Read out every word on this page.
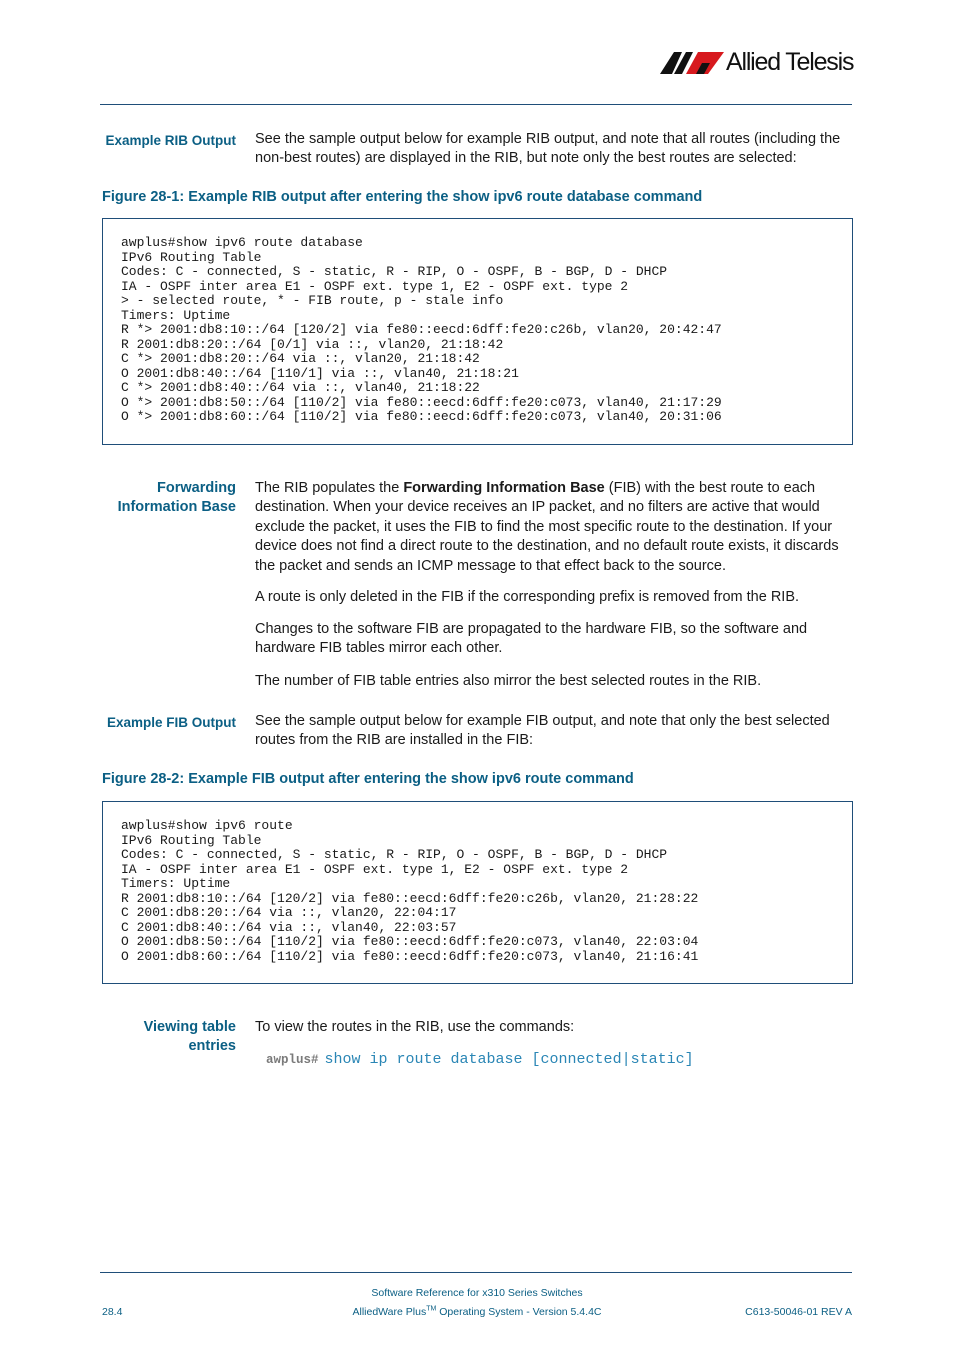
Allied Telesis
Example RIB Output See the sample output below for example RIB output, and note that all routes (including the non-best routes) are displayed in the RIB, but note only the best routes are selected:
Figure 28-1: Example RIB output after entering the show ipv6 route database command
awplus#show ipv6 route database
IPv6 Routing Table
Codes: C - connected, S - static, R - RIP, O - OSPF, B - BGP, D - DHCP
IA - OSPF inter area E1 - OSPF ext. type 1, E2 - OSPF ext. type 2
> - selected route, * - FIB route, p - stale info
Timers: Uptime
R *> 2001:db8:10::/64 [120/2] via fe80::eecd:6dff:fe20:c26b, vlan20, 20:42:47
R 2001:db8:20::/64 [0/1] via ::, vlan20, 21:18:42
C *> 2001:db8:20::/64 via ::, vlan20, 21:18:42
O 2001:db8:40::/64 [110/1] via ::, vlan40, 21:18:21
C *> 2001:db8:40::/64 via ::, vlan40, 21:18:22
O *> 2001:db8:50::/64 [110/2] via fe80::eecd:6dff:fe20:c073, vlan40, 21:17:29
O *> 2001:db8:60::/64 [110/2] via fe80::eecd:6dff:fe20:c073, vlan40, 20:31:06
Forwarding
Information Base
The RIB populates the Forwarding Information Base (FIB) with the best route to each destination. When your device receives an IP packet, and no filters are active that would exclude the packet, it uses the FIB to find the most specific route to the destination. If your device does not find a direct route to the destination, and no default route exists, it discards the packet and sends an ICMP message to that effect back to the source.
A route is only deleted in the FIB if the corresponding prefix is removed from the RIB.
Changes to the software FIB are propagated to the hardware FIB, so the software and hardware FIB tables mirror each other.
The number of FIB table entries also mirror the best selected routes in the RIB.
Example FIB Output See the sample output below for example FIB output, and note that only the best selected routes from the RIB are installed in the FIB:
Figure 28-2: Example FIB output after entering the show ipv6 route command
awplus#show ipv6 route
IPv6 Routing Table
Codes: C - connected, S - static, R - RIP, O - OSPF, B - BGP, D - DHCP
IA - OSPF inter area E1 - OSPF ext. type 1, E2 - OSPF ext. type 2
Timers: Uptime
R 2001:db8:10::/64 [120/2] via fe80::eecd:6dff:fe20:c26b, vlan20, 21:28:22
C 2001:db8:20::/64 via ::, vlan20, 22:04:17
C 2001:db8:40::/64 via ::, vlan40, 22:03:57
O 2001:db8:50::/64 [110/2] via fe80::eecd:6dff:fe20:c073, vlan40, 22:03:04
O 2001:db8:60::/64 [110/2] via fe80::eecd:6dff:fe20:c073, vlan40, 21:16:41
Viewing table
entries
To view the routes in the RIB, use the commands:
awplus# show ip route database [connected|static]
Software Reference for x310 Series Switches
AlliedWare Plus™ Operating System - Version 5.4.4C
28.4	C613-50046-01 REV A
